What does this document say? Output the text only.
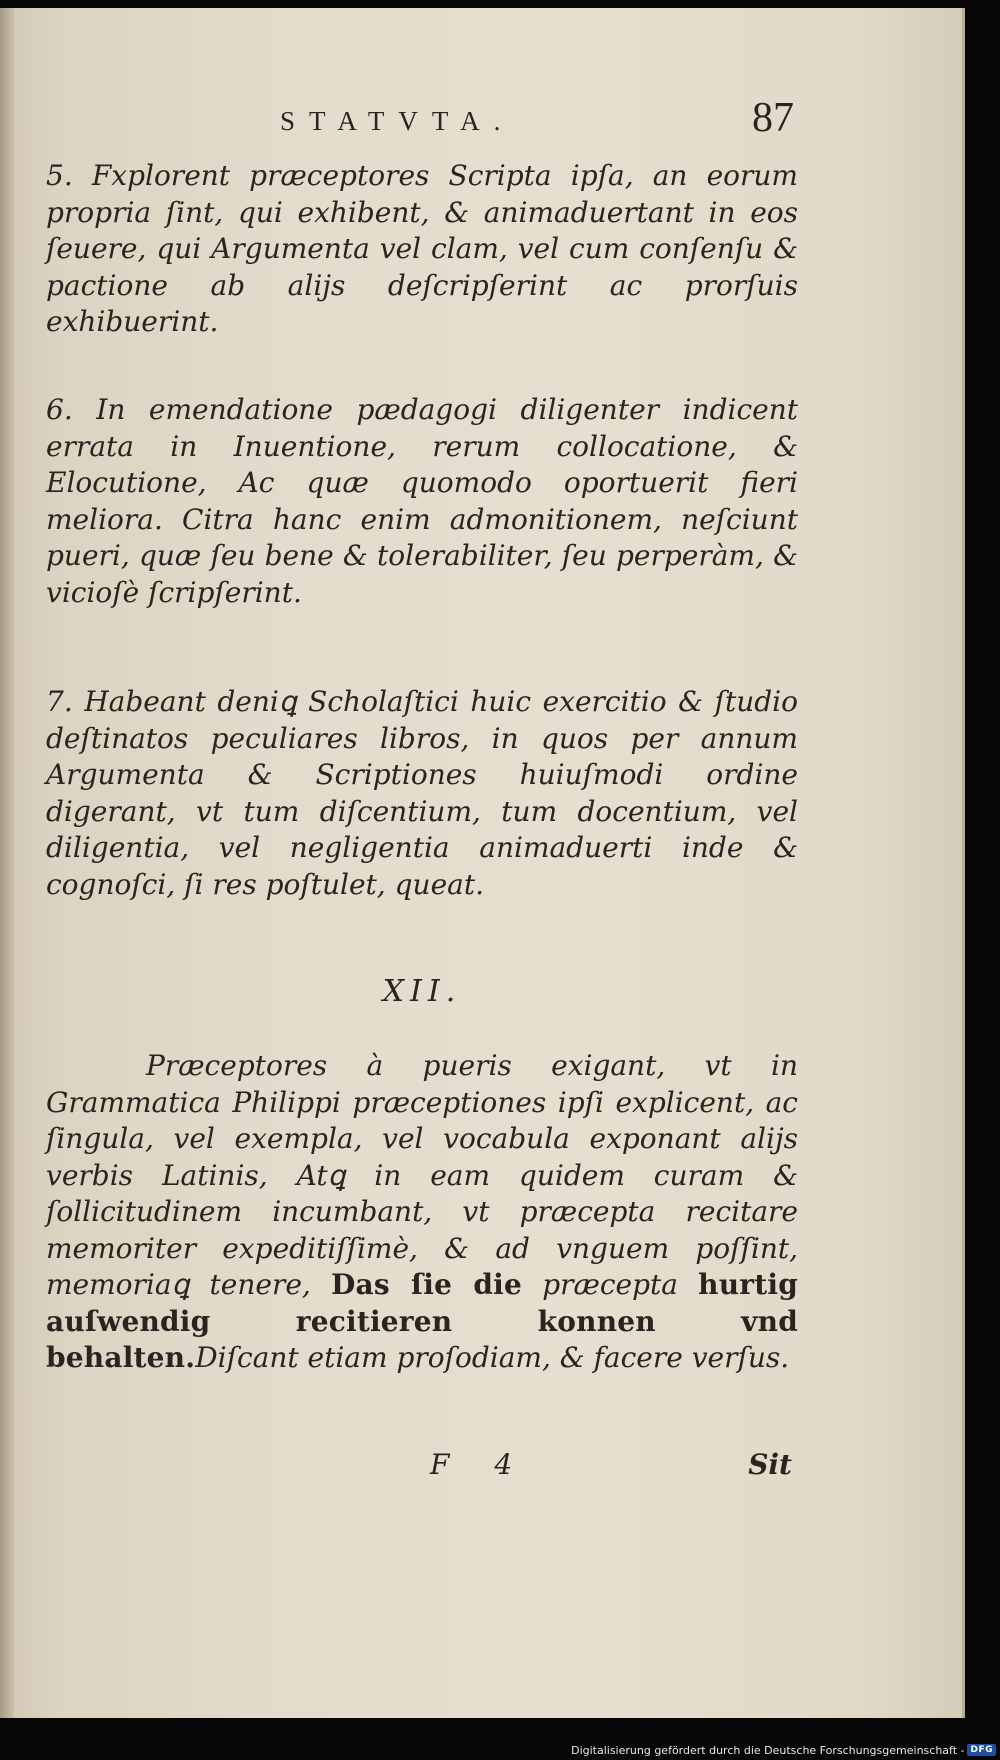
STATVTA.	87

5. Fxplorent præceptores Scripta ipſa, an eorum propria ſint, qui exhibent, & animaduertant in eos ſeuere, qui Argumenta vel clam, vel cum conſenſu & pactione ab alijs deſcripſerint ac prorſuis exhibuerint.

6. In emendatione pædagogi diligenter indicent errata in Inuentione, rerum collocatione, & Elocutione, Ac quæ quomodo oportuerit fieri meliora. Citra hanc enim admonitionem, neſciunt pueri, quæ ſeu bene & tolerabiliter, ſeu perperàm, & vicioſè ſcripſerint.

7. Habeant deniꝗ Scholaſtici huic exercitio & ſtudio deſtinatos peculiares libros, in quos per annum Argumenta & Scriptiones huiuſmodi ordine digerant, vt tum diſcentium, tum docentium, vel diligentia, vel negligentia animaduerti inde & cognoſci, ſi res poſtulet, queat.

XII.

Præceptores à pueris exigant, vt in Grammatica Philippi præceptiones ipſi explicent, ac ſingula, vel exempla, vel vocabula exponant alijs verbis Latinis, Atꝗ in eam quidem curam & ſollicitudinem incumbant, vt præcepta recitare memoriter expeditiſſimè, & ad vnguem poſſint, memoriaꝗ tenere, Das ſie die præcepta hurtig auſwendig recitieren konnen vnd behalten.Diſcant etiam proſodiam, & facere verſus.

F 4	Sit
Digitalisierung gefördert durch die Deutsche Forschungsgemeinschaft - DFG
